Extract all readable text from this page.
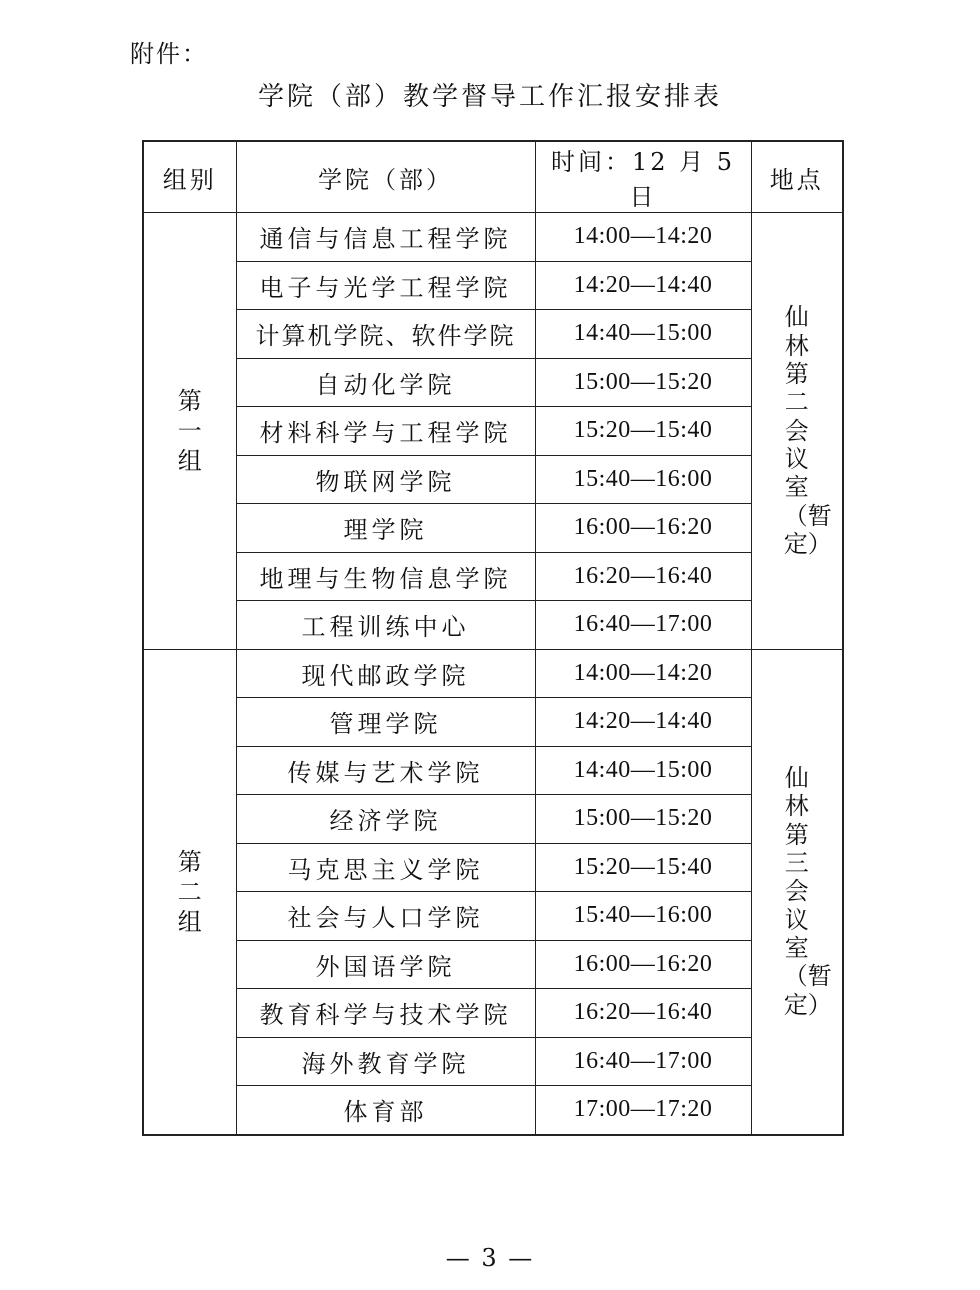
附件：
学院（部）教学督导工作汇报安排表
组别	学院（部）	时间：12 月 5 日	地点
第一组	通信与信息工程学院	14:00—14:20	仙林第二会议室（暂定）
	电子与光学工程学院	14:20—14:40	
	计算机学院、软件学院	14:40—15:00	
	自动化学院	15:00—15:20	
	材料科学与工程学院	15:20—15:40	
	物联网学院	15:40—16:00	
	理学院	16:00—16:20	
	地理与生物信息学院	16:20—16:40	
	工程训练中心	16:40—17:00	
第二组	现代邮政学院	14:00—14:20	仙林第三会议室（暂定）
	管理学院	14:20—14:40	
	传媒与艺术学院	14:40—15:00	
	经济学院	15:00—15:20	
	马克思主义学院	15:20—15:40	
	社会与人口学院	15:40—16:00	
	外国语学院	16:00—16:20	
	教育科学与技术学院	16:20—16:40	
	海外教育学院	16:40—17:00	
	体育部	17:00—17:20	
— 3 —
